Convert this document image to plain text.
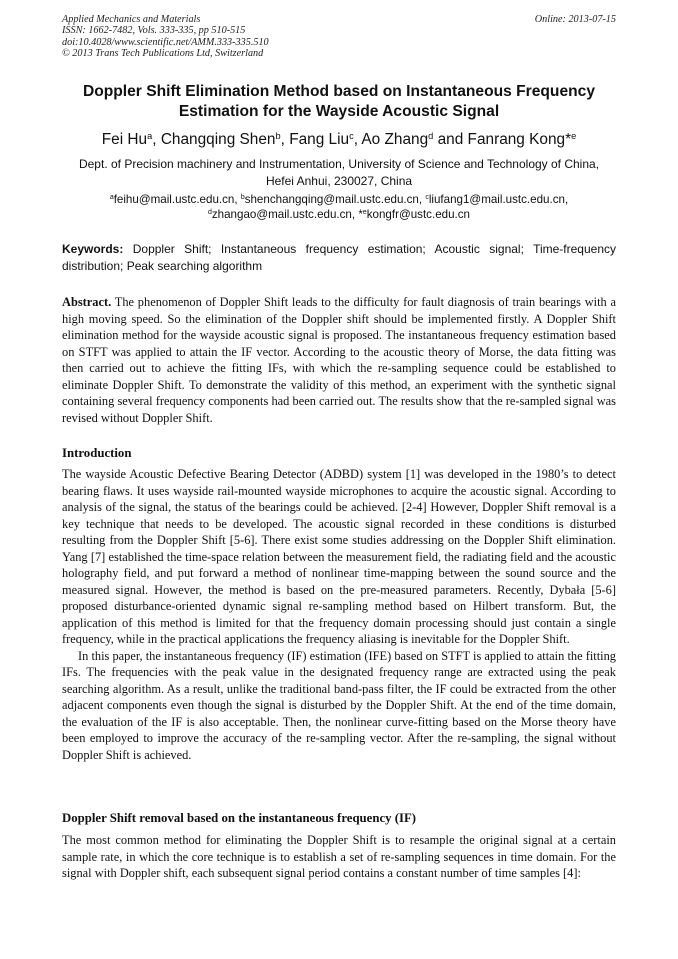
Applied Mechanics and Materials
ISSN: 1662-7482, Vols. 333-335, pp 510-515
doi:10.4028/www.scientific.net/AMM.333-335.510
© 2013 Trans Tech Publications Ltd, Switzerland
Online: 2013-07-15
Doppler Shift Elimination Method based on Instantaneous Frequency
Estimation for the Wayside Acoustic Signal
Fei Hu$^a$, Changqing Shen$^b$, Fang Liu$^c$, Ao Zhang$^d$ and Fanrang Kong*$^e$
Dept. of Precision machinery and Instrumentation, University of Science and Technology of China,
Hefei Anhui, 230027, China
$^a$feihu@mail.ustc.edu.cn, $^b$shenchangqing@mail.ustc.edu.cn, $^c$liufang1@mail.ustc.edu.cn,
$^d$zhangao@mail.ustc.edu.cn, *$^e$kongfr@ustc.edu.cn
Keywords: Doppler Shift; Instantaneous frequency estimation; Acoustic signal; Time-frequency distribution; Peak searching algorithm
Abstract. The phenomenon of Doppler Shift leads to the difficulty for fault diagnosis of train bearings with a high moving speed. So the elimination of the Doppler shift should be implemented firstly. A Doppler Shift elimination method for the wayside acoustic signal is proposed. The instantaneous frequency estimation based on STFT was applied to attain the IF vector. According to the acoustic theory of Morse, the data fitting was then carried out to achieve the fitting IFs, with which the re-sampling sequence could be established to eliminate Doppler Shift. To demonstrate the validity of this method, an experiment with the synthetic signal containing several frequency components had been carried out. The results show that the re-sampled signal was revised without Doppler Shift.
Introduction

The wayside Acoustic Defective Bearing Detector (ADBD) system [1] was developed in the 1980’s to detect bearing flaws. It uses wayside rail-mounted wayside microphones to acquire the acoustic signal. According to analysis of the signal, the status of the bearings could be achieved. [2-4] However, Doppler Shift removal is a key technique that needs to be developed. The acoustic signal recorded in these conditions is disturbed resulting from the Doppler Shift [5-6]. There exist some studies addressing on the Doppler Shift elimination. Yang [7] established the time-space relation between the measurement field, the radiating field and the acoustic holography field, and put forward a method of nonlinear time-mapping between the sound source and the measured signal. However, the method is based on the pre-measured parameters. Recently, Dybała [5-6] proposed disturbance-oriented dynamic signal re-sampling method based on Hilbert transform. But, the application of this method is limited for that the frequency domain processing should just contain a single frequency, while in the practical applications the frequency aliasing is inevitable for the Doppler Shift.

In this paper, the instantaneous frequency (IF) estimation (IFE) based on STFT is applied to attain the fitting IFs. The frequencies with the peak value in the designated frequency range are extracted using the peak searching algorithm. As a result, unlike the traditional band-pass filter, the IF could be extracted from the other adjacent components even though the signal is disturbed by the Doppler Shift. At the end of the time domain, the evaluation of the IF is also acceptable. Then, the nonlinear curve-fitting based on the Morse theory have been employed to improve the accuracy of the re-sampling vector. After the re-sampling, the signal without Doppler Shift is achieved.

Doppler Shift removal based on the instantaneous frequency (IF)

The most common method for eliminating the Doppler Shift is to resample the original signal at a certain sample rate, in which the core technique is to establish a set of re-sampling sequences in time domain. For the signal with Doppler shift, each subsequent signal period contains a constant number of time samples [4]:
